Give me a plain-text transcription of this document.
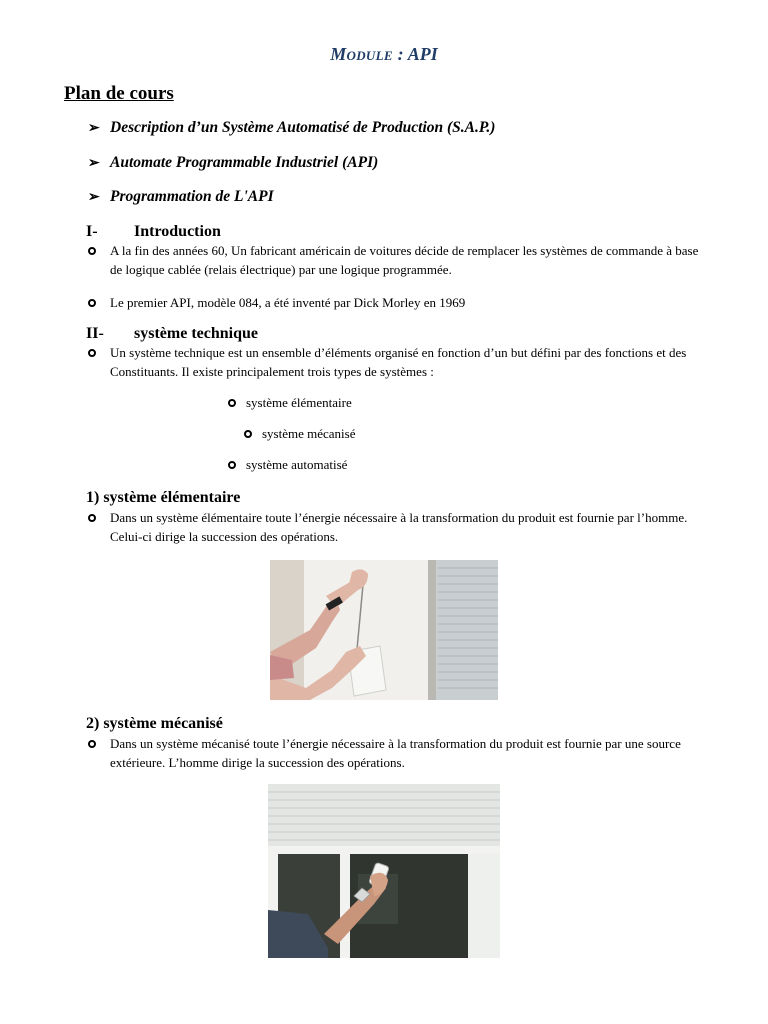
Module : API
Plan de cours
➢ Description d’un Système Automatisé de Production (S.A.P.)
➢ Automate Programmable Industriel (API)
➢ Programmation de L'API
I-	Introduction
A la fin des années 60, Un fabricant américain de voitures décide de remplacer les systèmes de commande à base de logique cablée (relais électrique) par une logique programmée.
Le premier API, modèle 084, a été inventé par Dick Morley en 1969
II-	système technique
Un système technique est un ensemble d’éléments organisé en fonction d’un but défini par des fonctions et des Constituants. Il existe principalement trois types de systèmes :
système élémentaire
système mécanisé
système automatisé
1) système élémentaire
Dans un système élémentaire toute l’énergie nécessaire à la transformation du produit est fournie par l’homme. Celui-ci dirige la succession des opérations.
2) système mécanisé
Dans un système mécanisé toute l’énergie nécessaire à la transformation du produit est fournie par une source extérieure. L’homme dirige la succession des opérations.
